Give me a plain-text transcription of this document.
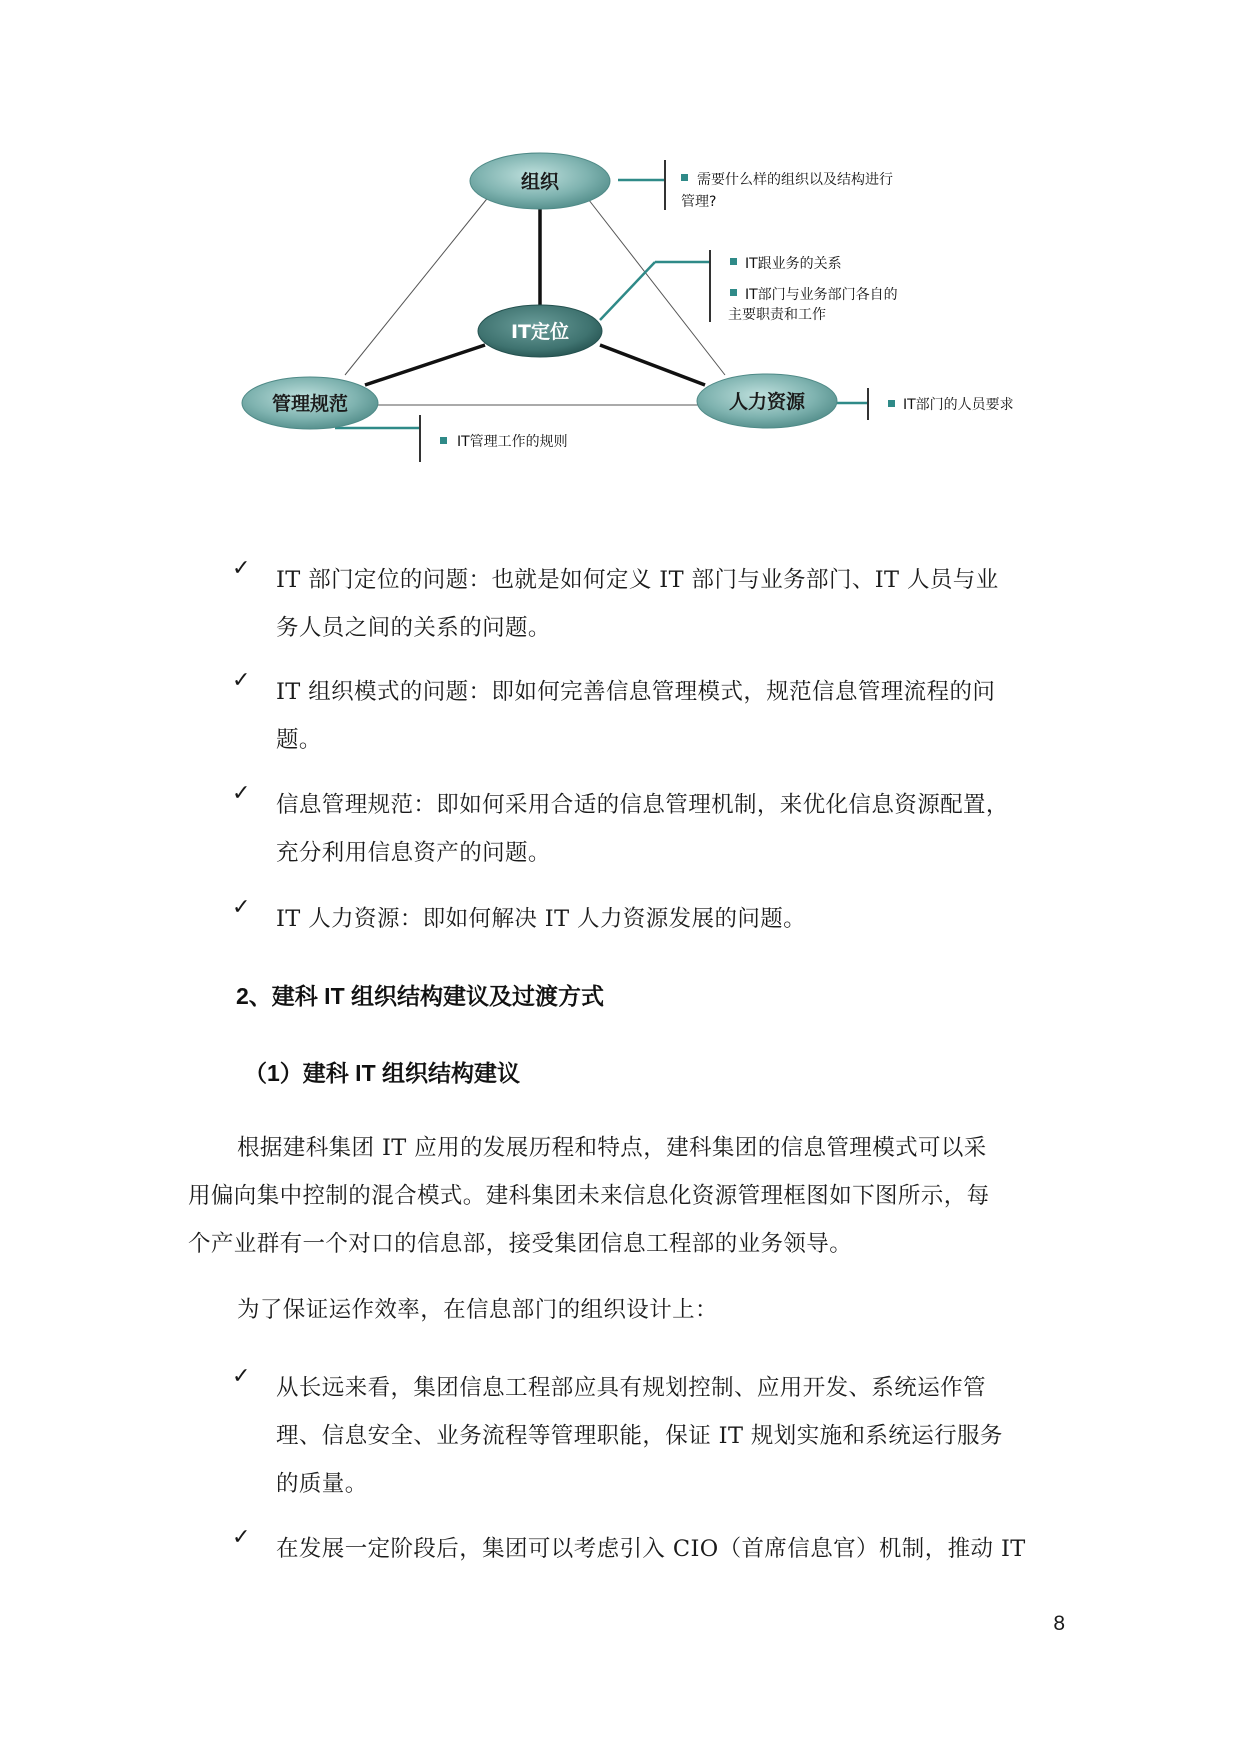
组织
IT定位
管理规范	人力资源
需要什么样的组织以及结构进行
管理?
IT跟业务的关系
IT部门与业务部门各自的
主要职责和工作
IT部门的人员要求
IT管理工作的规则
✓ IT 部门定位的问题：也就是如何定义 IT 部门与业务部门、IT 人员与业
务人员之间的关系的问题。
✓ IT 组织模式的问题：即如何完善信息管理模式，规范信息管理流程的问
题。
✓ 信息管理规范：即如何采用合适的信息管理机制，来优化信息资源配置，
充分利用信息资产的问题。
✓ IT 人力资源：即如何解决 IT 人力资源发展的问题。
2、建科 IT 组织结构建议及过渡方式
（1）建科 IT 组织结构建议
根据建科集团 IT 应用的发展历程和特点，建科集团的信息管理模式可以采
用偏向集中控制的混合模式。建科集团未来信息化资源管理框图如下图所示，每
个产业群有一个对口的信息部，接受集团信息工程部的业务领导。
为了保证运作效率，在信息部门的组织设计上：
✓ 从长远来看，集团信息工程部应具有规划控制、应用开发、系统运作管
理、信息安全、业务流程等管理职能，保证 IT 规划实施和系统运行服务
的质量。
✓ 在发展一定阶段后，集团可以考虑引入 CIO（首席信息官）机制，推动 IT
8
